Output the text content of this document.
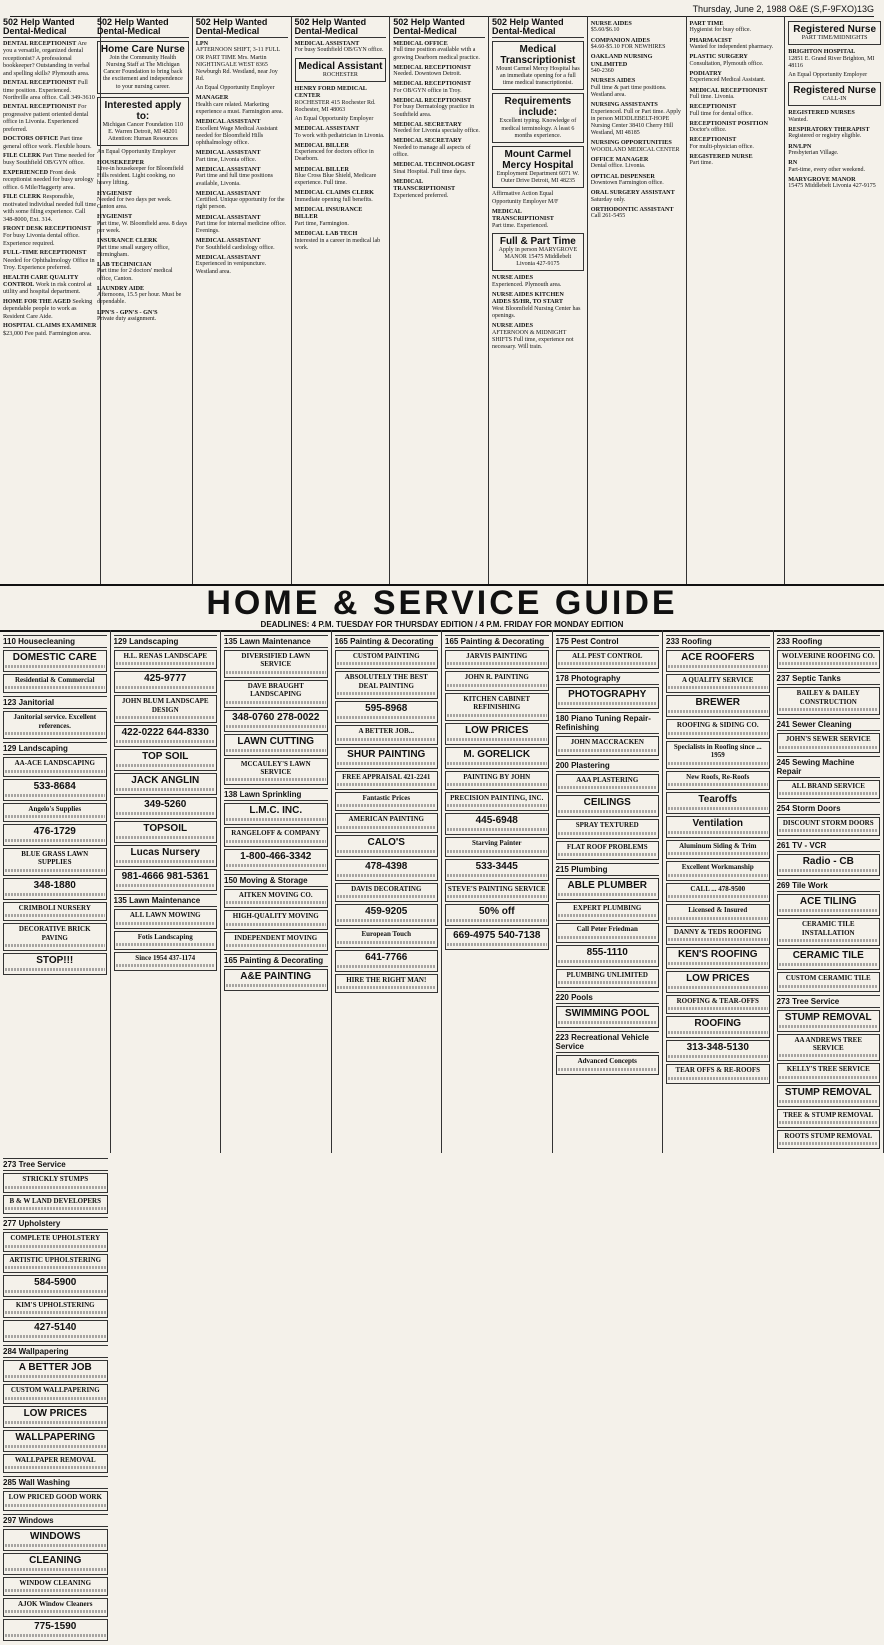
Thursday, June 2, 1988 O&E (S,F-9FXO)13G
502 Help Wanted Dental-Medical
DENTAL RECEPTIONIST Are you a versatile, organized dental receptionist? A professional bookkeeper? Outstanding in verbal and spelling skills? Plymouth area.
DENTAL RECEPTIONIST Full time position. Experienced. Northville area office. Call 349-3610
DENTAL RECEPTIONIST For progressive patient oriented dental office in Livonia. Experienced preferred.
DOCTORS OFFICE Part time general office work. Flexible hours.
FILE CLERK Part Time needed for busy Southfield OB/GYN office.
EXPERIENCED Front desk receptionist needed for busy urology office. 6 Mile/Haggerty area.
FILE CLERK Responsible, motivated individual needed full time with some filing experience. Call 348-8000, Ext. 314.
FRONT DESK RECEPTIONIST For busy Livonia dental office. Experience required.
FULL-TIME RECEPTIONIST Needed for Ophthalmology Office in Troy. Experience preferred.
HEALTH CARE QUALITY CONTROL Work in risk control at utility and hospital department.
HOME FOR THE AGED Seeking dependable people to work as Resident Care Aide.
HOSPITAL CLAIMS EXAMINER $23,000 Fee paid. Farmington area.
502 Help Wanted Dental-Medical
Home Care Nurse
Join the Community Health Nursing Staff at The Michigan Cancer Foundation to bring back the excitement and independence to your nursing career.
Interested apply to:
Michigan Cancer Foundation 110 E. Warren Detroit, MI 48201 Attention: Human Resources
An Equal Opportunity Employer
HOUSEKEEPER
Live-in housekeeper for Bloomfield Hills resident. Light cooking, no heavy lifting.
HYGIENIST
Needed for two days per week. Canton area.
HYGIENIST
Part time, W. Bloomfield area. 8 days per week.
INSURANCE CLERK
Part time small surgery office, Birmingham.
LAB TECHNICIAN
Part time for 2 doctors' medical office, Canton.
LAUNDRY AIDE
Afternoons, 15.5 per hour. Must be dependable.
LPN'S - GPN'S - GN'S
Private duty assignment.
502 Help Wanted Dental-Medical
LPN
AFTERNOON SHIFT, 3-11 FULL OR PART TIME Mrs. Martin NIGHTINGALE WEST 8365 Newburgh Rd. Westland, near Joy Rd.
An Equal Opportunity Employer
MANAGER
Health care related. Marketing experience a must. Farmington area.
MEDICAL ASSISTANT
Excellent Wage Medical Assistant needed for Bloomfield Hills ophthalmology office.
MEDICAL ASSISTANT
Part time, Livonia office.
MEDICAL ASSISTANT
Part time and full time positions available, Livonia.
MEDICAL ASSISTANT
Certified. Unique opportunity for the right person.
MEDICAL ASSISTANT
Part time for internal medicine office. Evenings.
MEDICAL ASSISTANT
For Southfield cardiology office.
MEDICAL ASSISTANT
Experienced in venipuncture. Westland area.
502 Help Wanted Dental-Medical
MEDICAL ASSISTANT
For busy Southfield OB/GYN office.
Medical Assistant
ROCHESTER
HENRY FORD MEDICAL CENTER
ROCHESTER 415 Rochester Rd. Rochester, MI 48063
An Equal Opportunity Employer
MEDICAL ASSISTANT
To work with pediatrician in Livonia.
MEDICAL BILLER
Experienced for doctors office in Dearborn.
MEDICAL BILLER
Blue Cross Blue Shield, Medicare experience. Full time.
MEDICAL CLAIMS CLERK
Immediate opening full benefits.
MEDICAL INSURANCE BILLER
Part time, Farmington.
MEDICAL LAB TECH
Interested in a career in medical lab work.
502 Help Wanted Dental-Medical
MEDICAL OFFICE
Full time position available with a growing Dearborn medical practice.
MEDICAL RECEPTIONIST
Needed. Downtown Detroit.
MEDICAL RECEPTIONIST
For OB/GYN office in Troy.
MEDICAL RECEPTIONIST
For busy Dermatology practice in Southfield area.
MEDICAL SECRETARY
Needed for Livonia specialty office.
MEDICAL SECRETARY
Needed to manage all aspects of office.
MEDICAL TECHNOLOGIST
Sinai Hospital. Full time days.
MEDICAL TRANSCRIPTIONIST
Experienced preferred.
502 Help Wanted Dental-Medical
Medical Transcriptionist
Mount Carmel Mercy Hospital has an immediate opening for a full time medical transcriptionist.
Requirements include:
Excellent typing. Knowledge of medical terminology. A least 6 months experience.
Mount Carmel Mercy Hospital
Employment Department 6071 W. Outer Drive Detroit, MI 48235
Affirmative Action Equal Opportunity Employer M/F
MEDICAL TRANSCRIPTIONIST
Part time. Experienced.
Full & Part Time
Apply in person MARYGROVE MANOR 15475 Middlebelt Livonia 427-9175
NURSE AIDES
Experienced. Plymouth area.
NURSE AIDES KITCHEN AIDES $5/HR, TO START
West Bloomfield Nursing Center has openings.
NURSE AIDES
AFTERNOON & MIDNIGHT SHIFTS Full time, experience not necessary. Will train.
NURSE AIDES
$5.60/$6.10
COMPANION AIDES
$4.60-$5.10 FOR NEWHIRES
OAKLAND NURSING UNLIMITED
540-2360
NURSES AIDES
Full time & part time positions. Westland area.
NURSING ASSISTANTS
Experienced. Full or Part time. Apply in person MIDDLEBELT-HOPE Nursing Center 38410 Cherry Hill Westland, MI 48185
NURSING OPPORTUNITIES
WOODLAND MEDICAL CENTER
OFFICE MANAGER
Dental office. Livonia.
OPTICAL DISPENSER
Downtown Farmington office.
ORAL SURGERY ASSISTANT
Saturday only.
ORTHODONTIC ASSISTANT
Call 261-5455
PART TIME
Hygienist for busy office.
PHARMACIST
Wanted for independent pharmacy.
PLASTIC SURGERY
Consultation, Plymouth office.
PODIATRY
Experienced Medical Assistant.
MEDICAL RECEPTIONIST
Full time. Livonia.
RECEPTIONIST
Full time for dental office.
RECEPTIONIST POSITION
Doctor's office.
RECEPTIONIST
For multi-physician office.
REGISTERED NURSE
Part time.
Registered Nurse
PART TIME/MIDNIGHTS
BRIGHTON HOSPITAL
12851 E. Grand River Brighton, MI 48116
An Equal Opportunity Employer
Registered Nurse
CALL-IN
REGISTERED NURSES
Wanted.
RESPIRATORY THERAPIST
Registered or registry eligible.
RN/LPN
Presbyterian Village.
RN
Part-time, every other weekend.
MARYGROVE MANOR
15475 Middlebelt Livonia 427-9175
HOME & SERVICE GUIDE
DEADLINES: 4 P.M. TUESDAY FOR THURSDAY EDITION / 4 P.M. FRIDAY FOR MONDAY EDITION
110 Housecleaning
DOMESTIC CARE
Residential & Commercial
123 Janitorial
Janitorial service. Excellent references.
129 Landscaping
AA-ACE LANDSCAPING
533-8684
Angelo's Supplies
476-1729
BLUE GRASS LAWN SUPPLIES
348-1880
CRIMBOLI NURSERY
DECORATIVE BRICK PAVING
STOP!!!
129 Landscaping
H.L. RENAS LANDSCAPE
425-9777
JOHN BLUM LANDSCAPE DESIGN
422-0222 644-8330
TOP SOIL
JACK ANGLIN
349-5260
TOPSOIL
Lucas Nursery
981-4666 981-5361
135 Lawn Maintenance
ALL LAWN MOWING
Fotis Landscaping
Since 1954 437-1174
135 Lawn Maintenance
DIVERSIFIED LAWN SERVICE
DAVE BRAUGHT LANDSCAPING
348-0760 278-0022
LAWN CUTTING
MCCAULEY'S LAWN SERVICE
138 Lawn Sprinkling
L.M.C. INC.
RANGELOFF & COMPANY
1-800-466-3342
150 Moving & Storage
AITKEN MOVING CO.
HIGH-QUALITY MOVING
INDEPENDENT MOVING
165 Painting & Decorating
A&E PAINTING
165 Painting & Decorating
CUSTOM PAINTING
ABSOLUTELY THE BEST DEAL PAINTING
595-8968
A BETTER JOB...
SHUR PAINTING
FREE APPRAISAL 421-2241
Fantastic Prices
AMERICAN PAINTING
CALO'S
478-4398
DAVIS DECORATING
459-9205
European Touch
641-7766
HIRE THE RIGHT MAN!
165 Painting & Decorating
JARVIS PAINTING
JOHN R. PAINTING
KITCHEN CABINET REFINISHING
LOW PRICES
M. GORELICK
PAINTING BY JOHN
PRECISION PAINTING, INC.
445-6948
Starving Painter
533-3445
STEVE'S PAINTING SERVICE
50% off
669-4975 540-7138
175 Pest Control
ALL PEST CONTROL
178 Photography
PHOTOGRAPHY
180 Piano Tuning Repair-Refinishing
JOHN MACCRACKEN
200 Plastering
AAA PLASTERING
CEILINGS
SPRAY TEXTURED
FLAT ROOF PROBLEMS
215 Plumbing
ABLE PLUMBER
EXPERT PLUMBING
Call Peter Friedman
855-1110
PLUMBING UNLIMITED
220 Pools
SWIMMING POOL
223 Recreational Vehicle Service
Advanced Concepts
233 Roofing
ACE ROOFERS
A QUALITY SERVICE
BREWER
ROOFING & SIDING CO.
Specialists in Roofing since ... 1959
New Roofs, Re-Roofs
Tearoffs
Ventilation
Aluminum Siding & Trim
Excellent Workmanship
CALL ... 478-9500
Licensed & Insured
DANNY & TEDS ROOFING
KEN'S ROOFING
LOW PRICES
ROOFING & TEAR-OFFS
ROOFING
313-348-5130
TEAR OFFS & RE-ROOFS
233 Roofing
WOLVERINE ROOFING CO.
237 Septic Tanks
BAILEY & DAILEY CONSTRUCTION
241 Sewer Cleaning
JOHN'S SEWER SERVICE
245 Sewing Machine Repair
ALL BRAND SERVICE
254 Storm Doors
DISCOUNT STORM DOORS
261 TV - VCR
Radio - CB
269 Tile Work
ACE TILING
CERAMIC TILE INSTALLATION
CERAMIC TILE
CUSTOM CERAMIC TILE
273 Tree Service
STUMP REMOVAL
AA ANDREWS TREE SERVICE
KELLY'S TREE SERVICE
STUMP REMOVAL
TREE & STUMP REMOVAL
ROOTS STUMP REMOVAL
273 Tree Service
STRICKLY STUMPS
B & W LAND DEVELOPERS
277 Upholstery
COMPLETE UPHOLSTERY
ARTISTIC UPHOLSTERING
584-5900
KIM'S UPHOLSTERING
427-5140
284 Wallpapering
A BETTER JOB
CUSTOM WALLPAPERING
LOW PRICES
WALLPAPERING
WALLPAPER REMOVAL
285 Wall Washing
LOW PRICED GOOD WORK
297 Windows
WINDOWS
CLEANING
WINDOW CLEANING
AJOK Window Cleaners
775-1590
